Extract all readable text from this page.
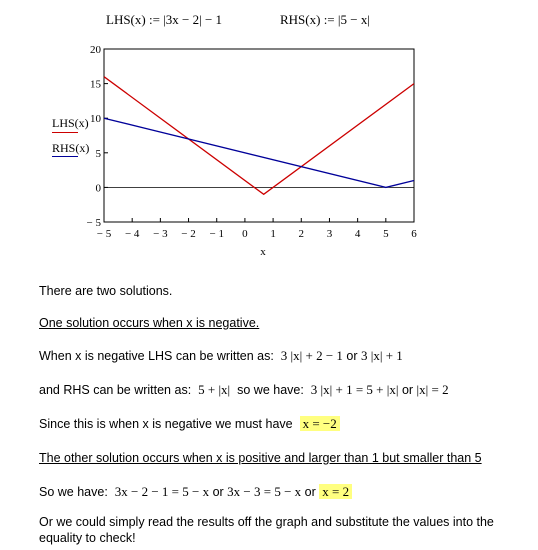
LHS(x) := |3x − 2| − 1	RHS(x) := |5 − x|
LHS(x)
RHS(x)
− 5 − 4 − 3 − 2 − 1 0 1 2 3 4 5 6
− 5
0
5
10
15
20
x
There are two solutions.
One solution occurs when x is negative.
When x is negative LHS can be written as: 3 |x| + 2 − 1 or 3 |x| + 1
and RHS can be written as: 5 + |x| so we have: 3 |x| + 1 = 5 + |x| or |x| = 2
Since this is when x is negative we must have x = −2
The other solution occurs when x is positive and larger than 1 but smaller than 5
So we have: 3x − 2 − 1 = 5 − x or 3x − 3 = 5 − x or x = 2
Or we could simply read the results off the graph and substitute the values into the
equality to check!
